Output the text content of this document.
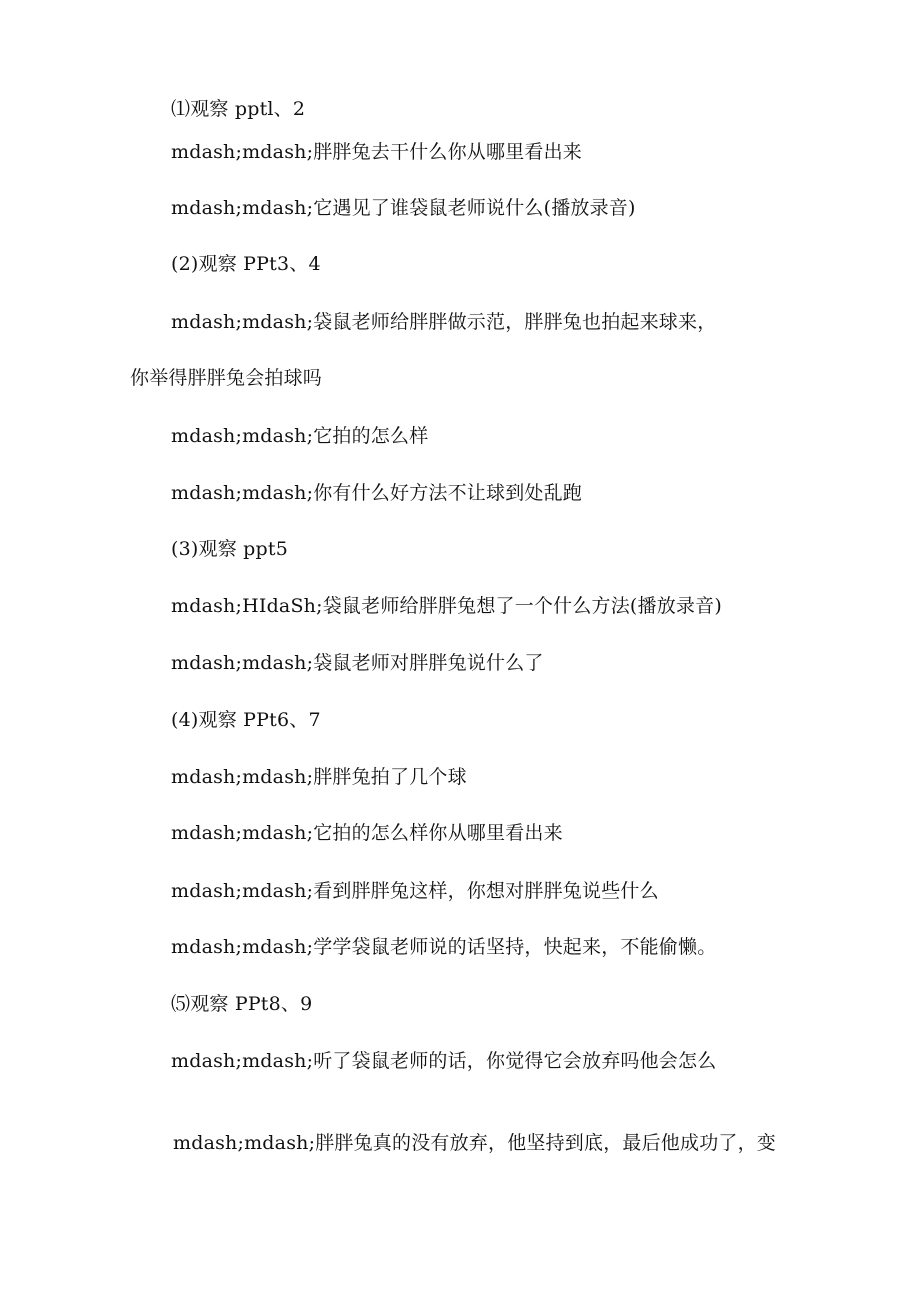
⑴观察 pptl、2
mdash;mdash;胖胖兔去干什么你从哪里看出来
mdash;mdash;它遇见了谁袋鼠老师说什么(播放录音)
(2)观察 PPt3、4
mdash;mdash;袋鼠老师给胖胖做示范，胖胖兔也拍起来球来，
你举得胖胖兔会拍球吗
mdash;mdash;它拍的怎么样
mdash;mdash;你有什么好方法不让球到处乱跑
(3)观察 ppt5
mdash;HIdaSh;袋鼠老师给胖胖兔想了一个什么方法(播放录音)
mdash;mdash;袋鼠老师对胖胖兔说什么了
(4)观察 PPt6、7
mdash;mdash;胖胖兔拍了几个球
mdash;mdash;它拍的怎么样你从哪里看出来
mdash;mdash;看到胖胖兔这样，你想对胖胖兔说些什么
mdash;mdash;学学袋鼠老师说的话坚持，快起来，不能偷懒。
⑸观察 PPt8、9
mdash;mdash;听了袋鼠老师的话，你觉得它会放弃吗他会怎么
mdash;mdash;胖胖兔真的没有放弃，他坚持到底，最后他成功了，变
